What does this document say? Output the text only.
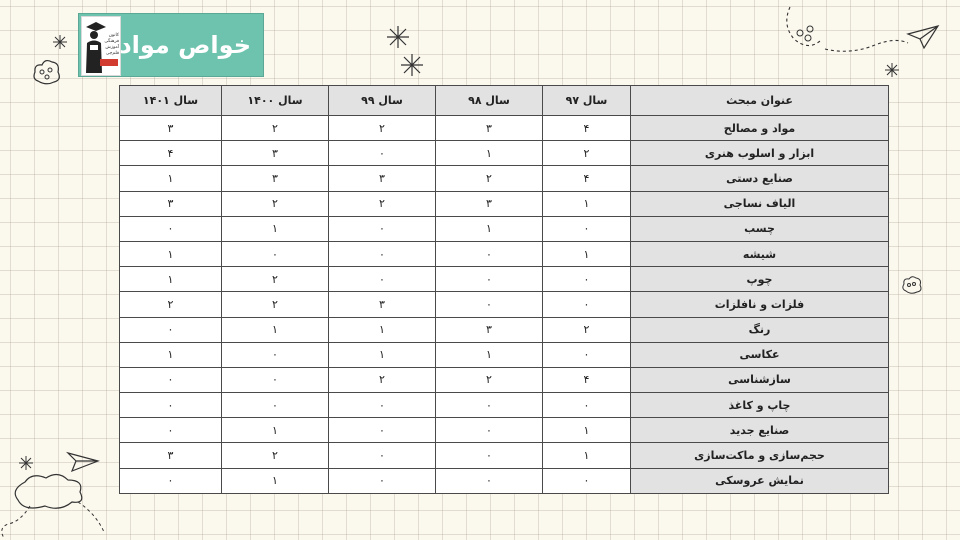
کانون
فرهنگی
آموزش
قلم‌چی خواص مواد
عنوان مبحث	سال ۹۷	سال ۹۸	سال ۹۹	سال ۱۴۰۰	سال ۱۴۰۱
مواد و مصالح	۴	۳	۲	۲	۳
ابزار و اسلوب هنری	۲	۱	۰	۳	۴
صنایع دستی	۴	۲	۳	۳	۱
الیاف نساجی	۱	۳	۲	۲	۳
چسب	۰	۱	۰	۱	۰
شیشه	۱	۰	۰	۰	۱
چوپ	۰	۰	۰	۲	۱
فلزات و نافلزات	۰	۰	۳	۲	۲
رنگ	۲	۳	۱	۱	۰
عکاسی	۰	۱	۱	۰	۱
سازشناسی	۴	۲	۲	۰	۰
چاپ و کاغذ	۰	۰	۰	۰	۰
صنایع جدید	۱	۰	۰	۱	۰
حجم‌سازی و ماکت‌سازی	۱	۰	۰	۲	۳
نمایش عروسکی	۰	۰	۰	۱	۰
